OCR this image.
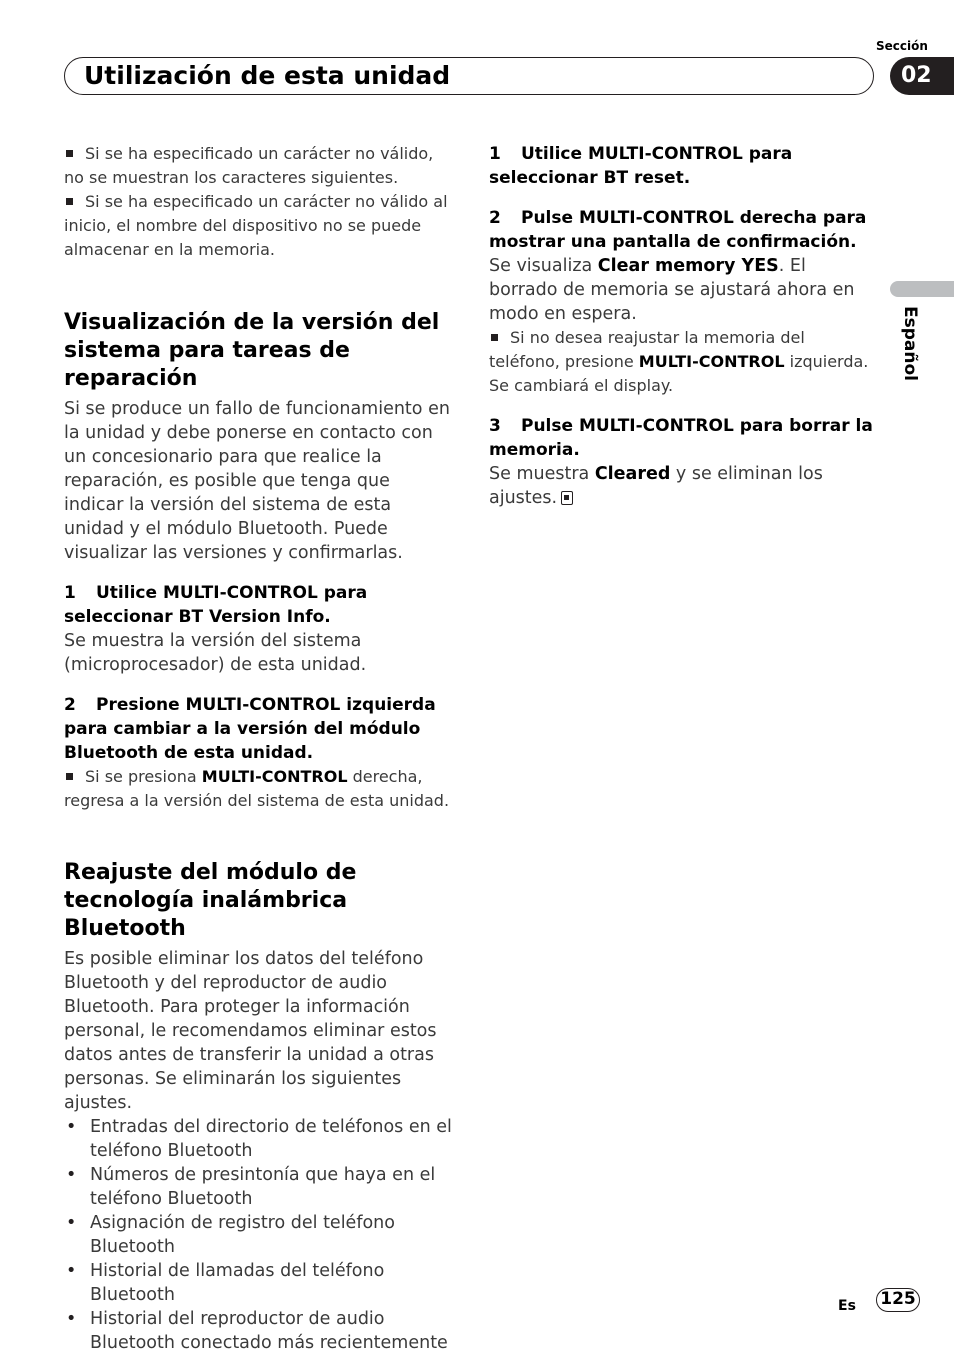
Utilización de esta unidad
Sección
02
Español

Si se ha especificado un carácter no válido, no se muestran los caracteres siguientes.

Si se ha especificado un carácter no válido al inicio, el nombre del dispositivo no se puede almacenar en la memoria.

Visualización de la versión del sistema para tareas de reparación

Si se produce un fallo de funcionamiento en la unidad y debe ponerse en contacto con un concesionario para que realice la reparación, es posible que tenga que indicar la versión del sistema de esta unidad y el módulo Bluetooth. Puede visualizar las versiones y confirmarlas.

1 Utilice MULTI-CONTROL para seleccionar BT Version Info.

Se muestra la versión del sistema (microprocesador) de esta unidad.

2 Presione MULTI-CONTROL izquierda para cambiar a la versión del módulo Bluetooth de esta unidad.

Si se presiona MULTI-CONTROL derecha, regresa a la versión del sistema de esta unidad.

Reajuste del módulo de tecnología inalámbrica Bluetooth

Es posible eliminar los datos del teléfono Bluetooth y del reproductor de audio Bluetooth. Para proteger la información personal, le recomendamos eliminar estos datos antes de transferir la unidad a otras personas. Se eliminarán los siguientes ajustes.

• Entradas del directorio de teléfonos en el teléfono Bluetooth
• Números de presintonía que haya en el teléfono Bluetooth
• Asignación de registro del teléfono Bluetooth
• Historial de llamadas del teléfono Bluetooth
• Historial del reproductor de audio Bluetooth conectado más recientemente

1 Utilice MULTI-CONTROL para seleccionar BT reset.

2 Pulse MULTI-CONTROL derecha para mostrar una pantalla de confirmación.

Se visualiza Clear memory YES. El borrado de memoria se ajustará ahora en modo en espera.

Si no desea reajustar la memoria del teléfono, presione MULTI-CONTROL izquierda. Se cambiará el display.

3 Pulse MULTI-CONTROL para borrar la memoria.

Se muestra Cleared y se eliminan los ajustes.

Es 125
